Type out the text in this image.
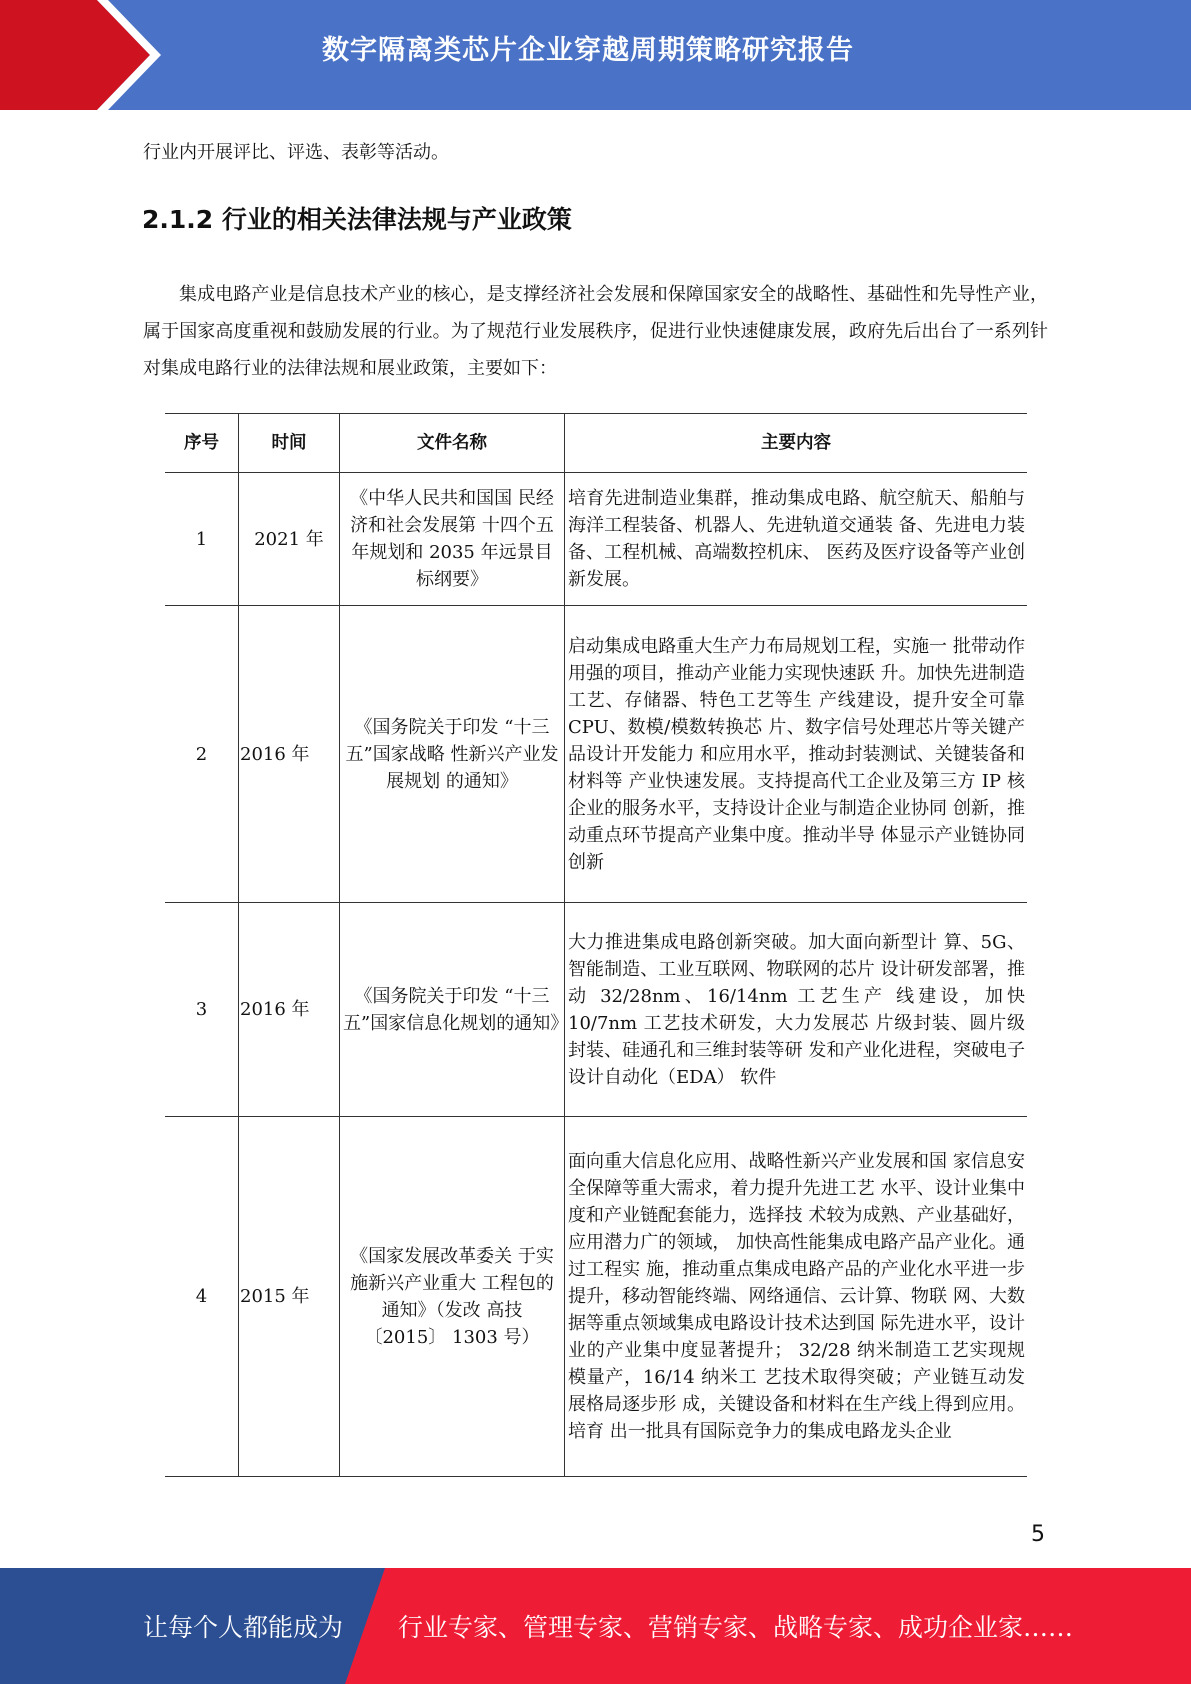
数字隔离类芯片企业穿越周期策略研究报告
行业内开展评比、评选、表彰等活动。
2.1.2 行业的相关法律法规与产业政策
集成电路产业是信息技术产业的核心，是支撑经济社会发展和保障国家安全的战略性、基础性和先导性产业，属于国家高度重视和鼓励发展的行业。为了规范行业发展秩序，促进行业快速健康发展，政府先后出台了一系列针对集成电路行业的法律法规和展业政策，主要如下：
序号	时间	文件名称	主要内容
1	2021 年	《中华人民共和国国 民经济和社会发展第 十四个五年规划和 2035 年远景目标纲要》	培育先进制造业集群，推动集成电路、航空航天、船舶与海洋工程装备、机器人、先进轨道交通装 备、先进电力装备、工程机械、高端数控机床、 医药及医疗设备等产业创新发展。
2	2016 年	《国务院关于印发 “十三五”国家战略 性新兴产业发展规划 的通知》	启动集成电路重大生产力布局规划工程，实施一 批带动作用强的项目，推动产业能力实现快速跃 升。加快先进制造工艺、存储器、特色工艺等生 产线建设，提升安全可靠 CPU、数模/模数转换芯 片、数字信号处理芯片等关键产品设计开发能力 和应用水平，推动封装测试、关键装备和材料等 产业快速发展。支持提高代工企业及第三方 IP 核 企业的服务水平，支持设计企业与制造企业协同 创新，推动重点环节提高产业集中度。推动半导 体显示产业链协同创新
3	2016 年	《国务院关于印发 “十三五”国家信息化规划的通知》	大力推进集成电路创新突破。加大面向新型计 算、5G、智能制造、工业互联网、物联网的芯片 设计研发部署，推动 32/28nm、16/14nm 工艺生产 线建设，加快 10/7nm 工艺技术研发，大力发展芯 片级封装、圆片级封装、硅通孔和三维封装等研 发和产业化进程，突破电子设计自动化（EDA） 软件
4	2015 年	《国家发展改革委关 于实施新兴产业重大 工程包的通知》（发改 高技〔2015〕 1303 号）	面向重大信息化应用、战略性新兴产业发展和国 家信息安全保障等重大需求，着力提升先进工艺 水平、设计业集中度和产业链配套能力，选择技 术较为成熟、产业基础好，应用潜力广的领域， 加快高性能集成电路产品产业化。通过工程实 施，推动重点集成电路产品的产业化水平进一步提升，移动智能终端、网络通信、云计算、物联 网、大数据等重点领域集成电路设计技术达到国 际先进水平，设计业的产业集中度显著提升； 32/28 纳米制造工艺实现规模量产，16/14 纳米工 艺技术取得突破；产业链互动发展格局逐步形 成，关键设备和材料在生产线上得到应用。培育 出一批具有国际竞争力的集成电路龙头企业
5
让每个人都能成为 行业专家、管理专家、营销专家、战略专家、成功企业家……
